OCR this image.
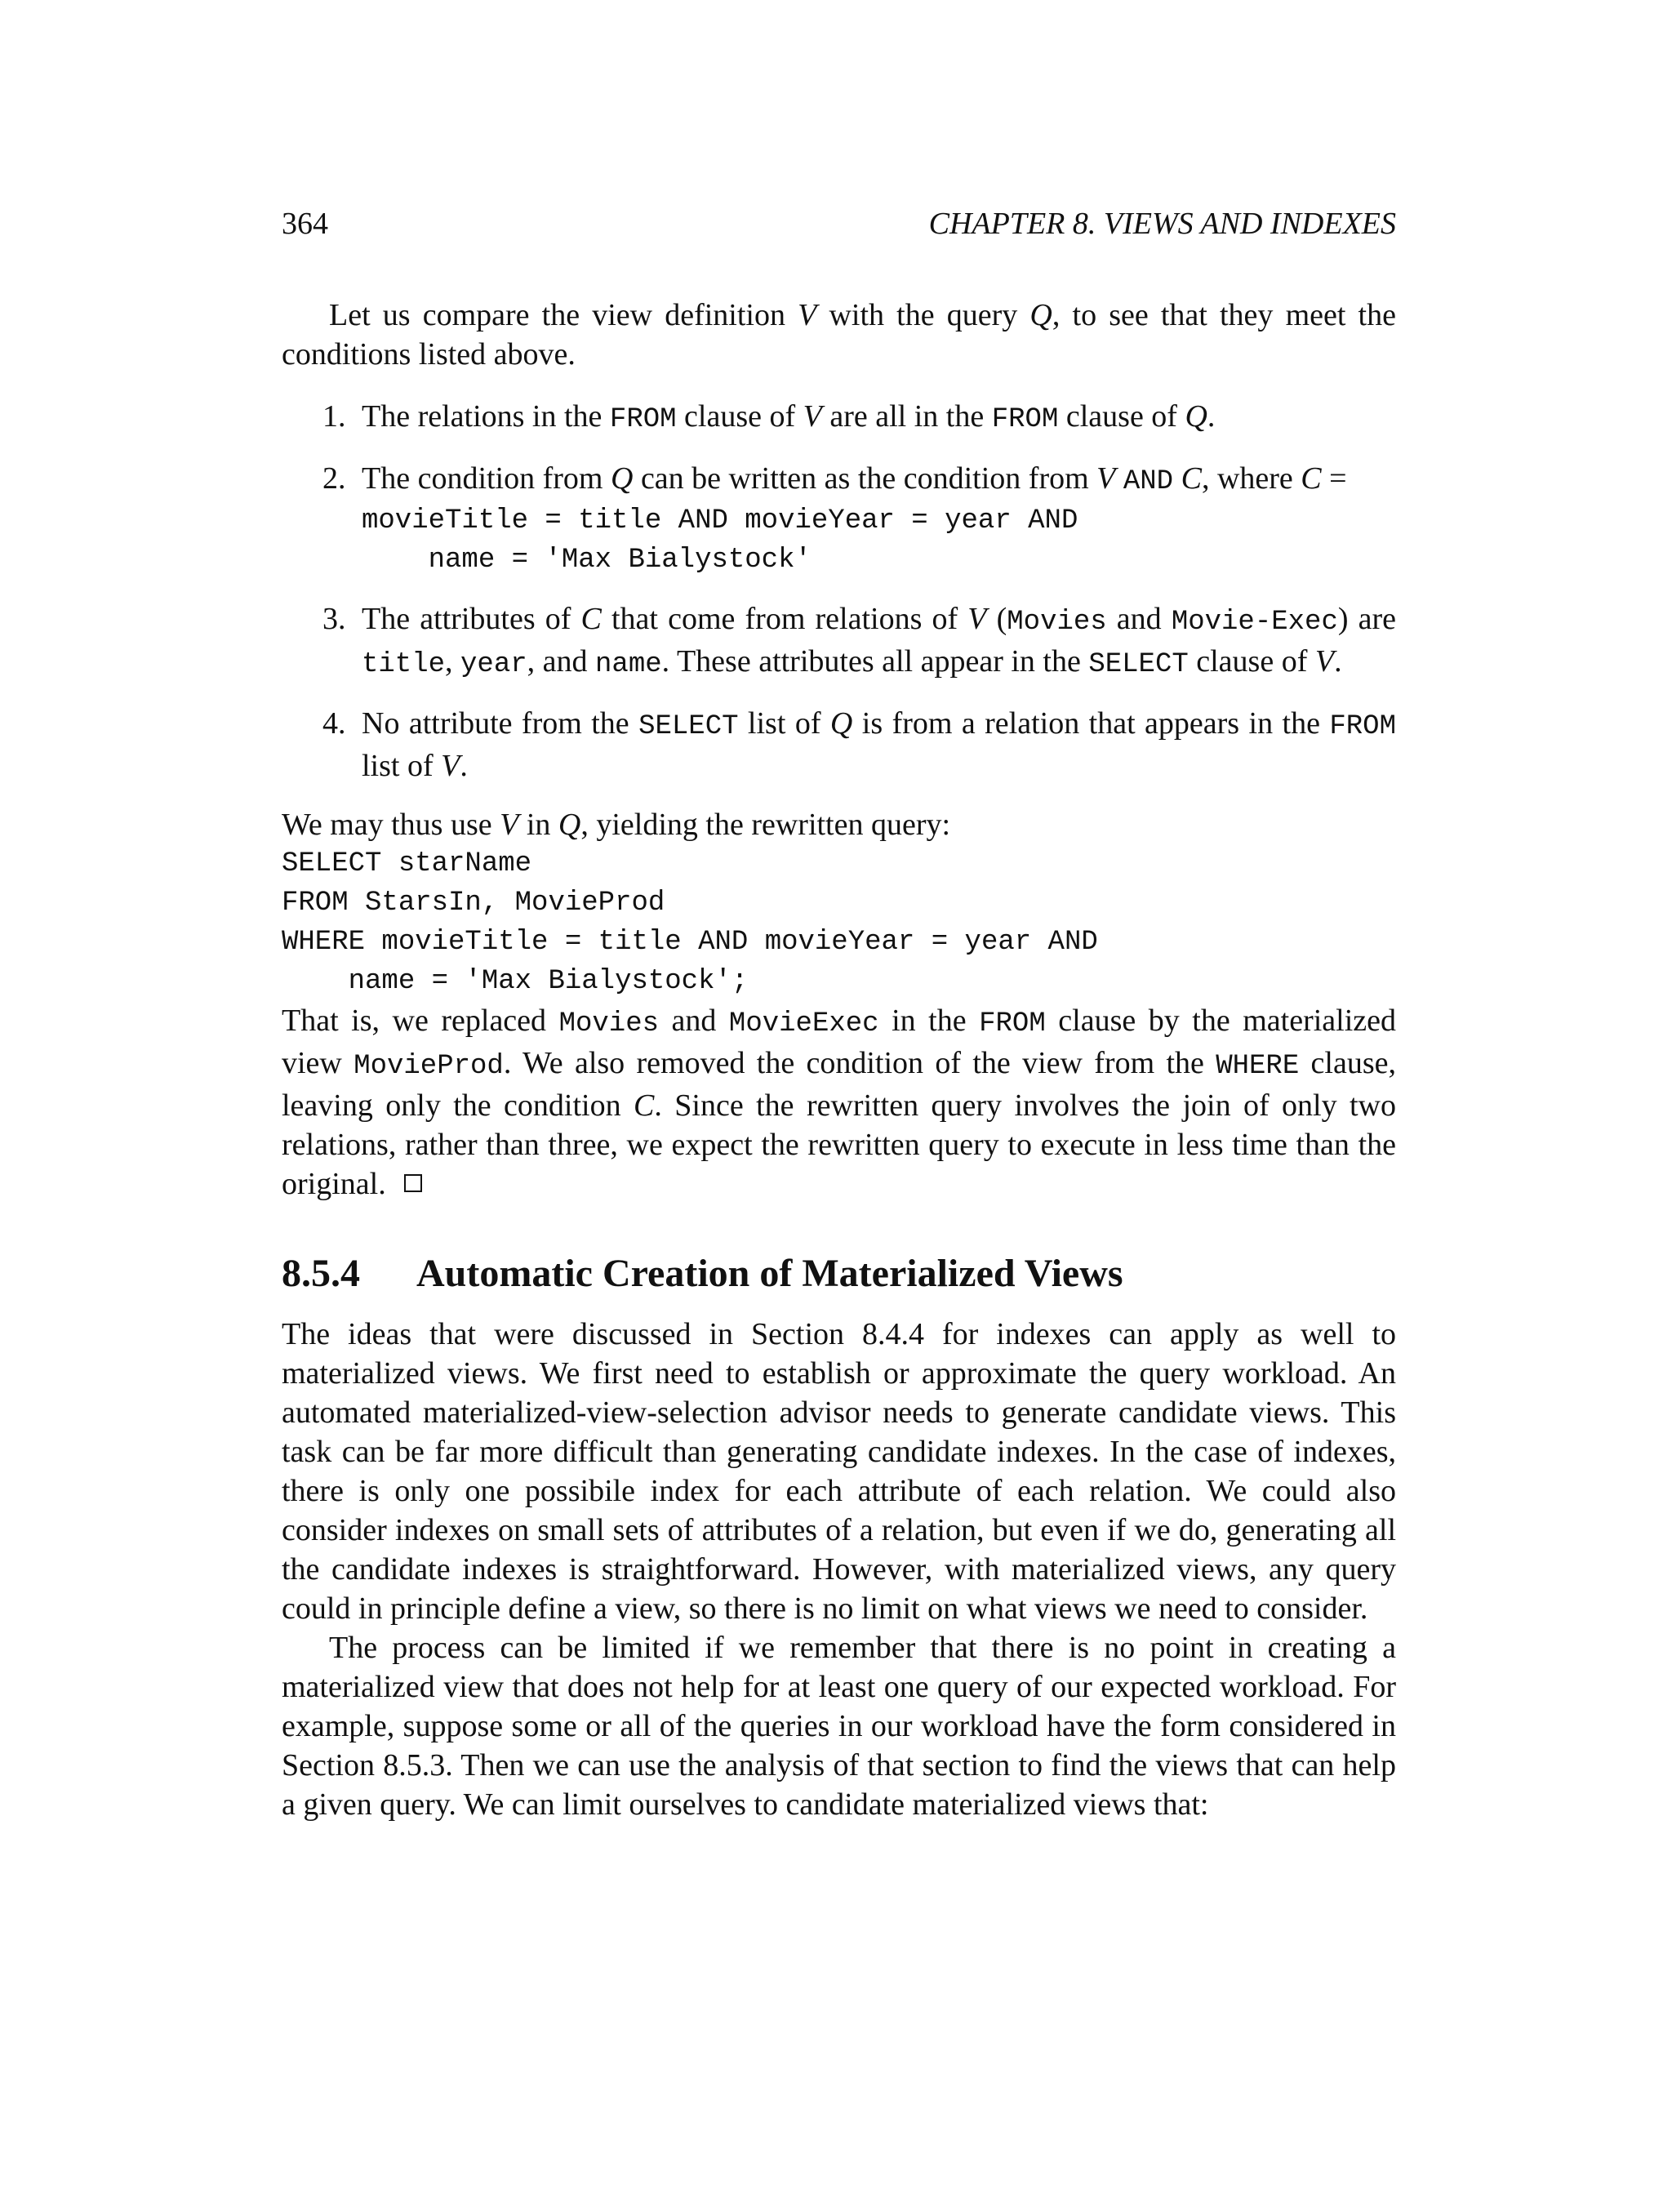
364	CHAPTER 8. VIEWS AND INDEXES

Let us compare the view definition V with the query Q, to see that they meet the conditions listed above.

1. The relations in the FROM clause of V are all in the FROM clause of Q.
2. The condition from Q can be written as the condition from V AND C, where C =
movieTitle = title AND movieYear = year AND
name = 'Max Bialystock'
3. The attributes of C that come from relations of V (Movies and Movie-Exec) are title, year, and name. These attributes all appear in the SELECT clause of V.
4. No attribute from the SELECT list of Q is from a relation that appears in the FROM list of V.

We may thus use V in Q, yielding the rewritten query:

SELECT starName
FROM StarsIn, MovieProd
WHERE movieTitle = title AND movieYear = year AND
name = 'Max Bialystock';

That is, we replaced Movies and MovieExec in the FROM clause by the materialized view MovieProd. We also removed the condition of the view from the WHERE clause, leaving only the condition C. Since the rewritten query involves the join of only two relations, rather than three, we expect the rewritten query to execute in less time than the original.

8.5.4	Automatic Creation of Materialized Views

The ideas that were discussed in Section 8.4.4 for indexes can apply as well to materialized views. We first need to establish or approximate the query workload. An automated materialized-view-selection advisor needs to generate candidate views. This task can be far more difficult than generating candidate indexes. In the case of indexes, there is only one possibile index for each attribute of each relation. We could also consider indexes on small sets of attributes of a relation, but even if we do, generating all the candidate indexes is straightforward. However, with materialized views, any query could in principle define a view, so there is no limit on what views we need to consider.

The process can be limited if we remember that there is no point in creating a materialized view that does not help for at least one query of our expected workload. For example, suppose some or all of the queries in our workload have the form considered in Section 8.5.3. Then we can use the analysis of that section to find the views that can help a given query. We can limit ourselves to candidate materialized views that:
